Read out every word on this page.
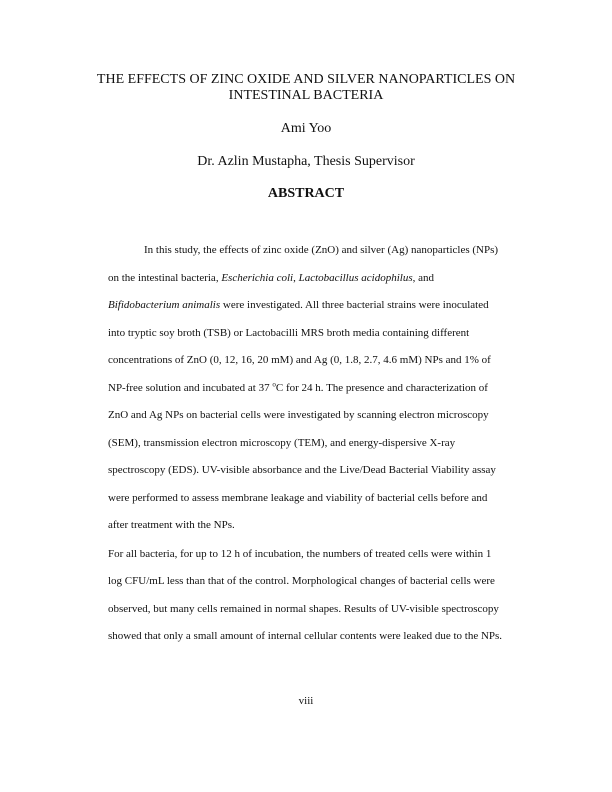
THE EFFECTS OF ZINC OXIDE AND SILVER NANOPARTICLES ON INTESTINAL BACTERIA
Ami Yoo
Dr. Azlin Mustapha, Thesis Supervisor
ABSTRACT

In this study, the effects of zinc oxide (ZnO) and silver (Ag) nanoparticles (NPs)

on the intestinal bacteria, Escherichia coli, Lactobacillus acidophilus, and

Bifidobacterium animalis were investigated. All three bacterial strains were inoculated

into tryptic soy broth (TSB) or Lactobacilli MRS broth media containing different

concentrations of ZnO (0, 12, 16, 20 mM) and Ag (0, 1.8, 2.7, 4.6 mM) NPs and 1% of

NP-free solution and incubated at 37 $^o$C for 24 h. The presence and characterization of

ZnO and Ag NPs on bacterial cells were investigated by scanning electron microscopy

(SEM), transmission electron microscopy (TEM), and energy-dispersive X-ray

spectroscopy (EDS). UV-visible absorbance and the Live/Dead Bacterial Viability assay

were performed to assess membrane leakage and viability of bacterial cells before and

after treatment with the NPs.

For all bacteria, for up to 12 h of incubation, the numbers of treated cells were within 1

log CFU/mL less than that of the control. Morphological changes of bacterial cells were

observed, but many cells remained in normal shapes. Results of UV-visible spectroscopy

showed that only a small amount of internal cellular contents were leaked due to the NPs.

viii
